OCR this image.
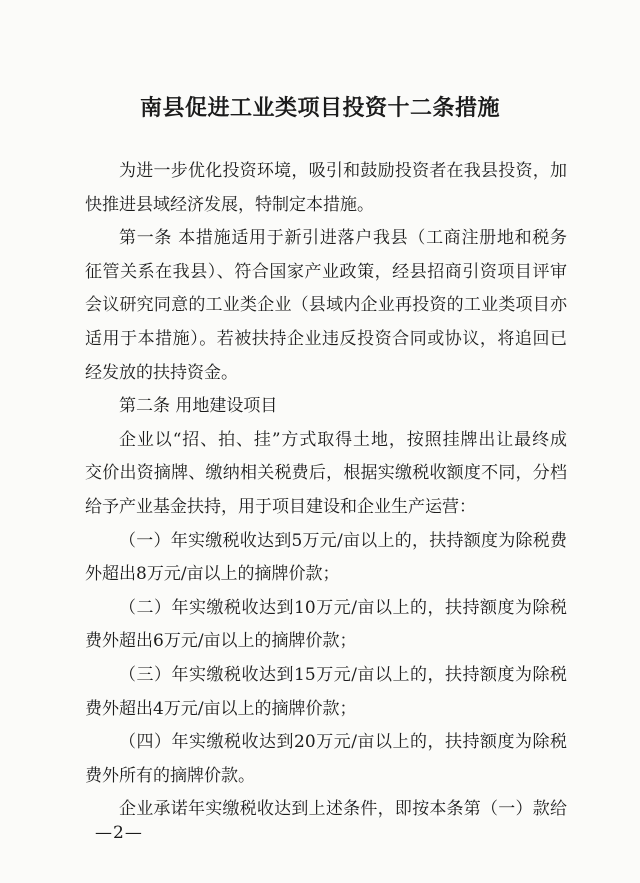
南县促进工业类项目投资十二条措施
为进一步优化投资环境，吸引和鼓励投资者在我县投资，加
快推进县域经济发展，特制定本措施。
第一条 本措施适用于新引进落户我县（工商注册地和税务
征管关系在我县）、符合国家产业政策，经县招商引资项目评审
会议研究同意的工业类企业（县域内企业再投资的工业类项目亦
适用于本措施）。若被扶持企业违反投资合同或协议，将追回已
经发放的扶持资金。
第二条 用地建设项目
企业以“招、拍、挂”方式取得土地，按照挂牌出让最终成
交价出资摘牌、缴纳相关税费后，根据实缴税收额度不同，分档
给予产业基金扶持，用于项目建设和企业生产运营：
（一）年实缴税收达到5万元/亩以上的，扶持额度为除税费
外超出8万元/亩以上的摘牌价款；
（二）年实缴税收达到10万元/亩以上的，扶持额度为除税
费外超出6万元/亩以上的摘牌价款；
（三）年实缴税收达到15万元/亩以上的，扶持额度为除税
费外超出4万元/亩以上的摘牌价款；
（四）年实缴税收达到20万元/亩以上的，扶持额度为除税
费外所有的摘牌价款。
企业承诺年实缴税收达到上述条件，即按本条第（一）款给
—2—
